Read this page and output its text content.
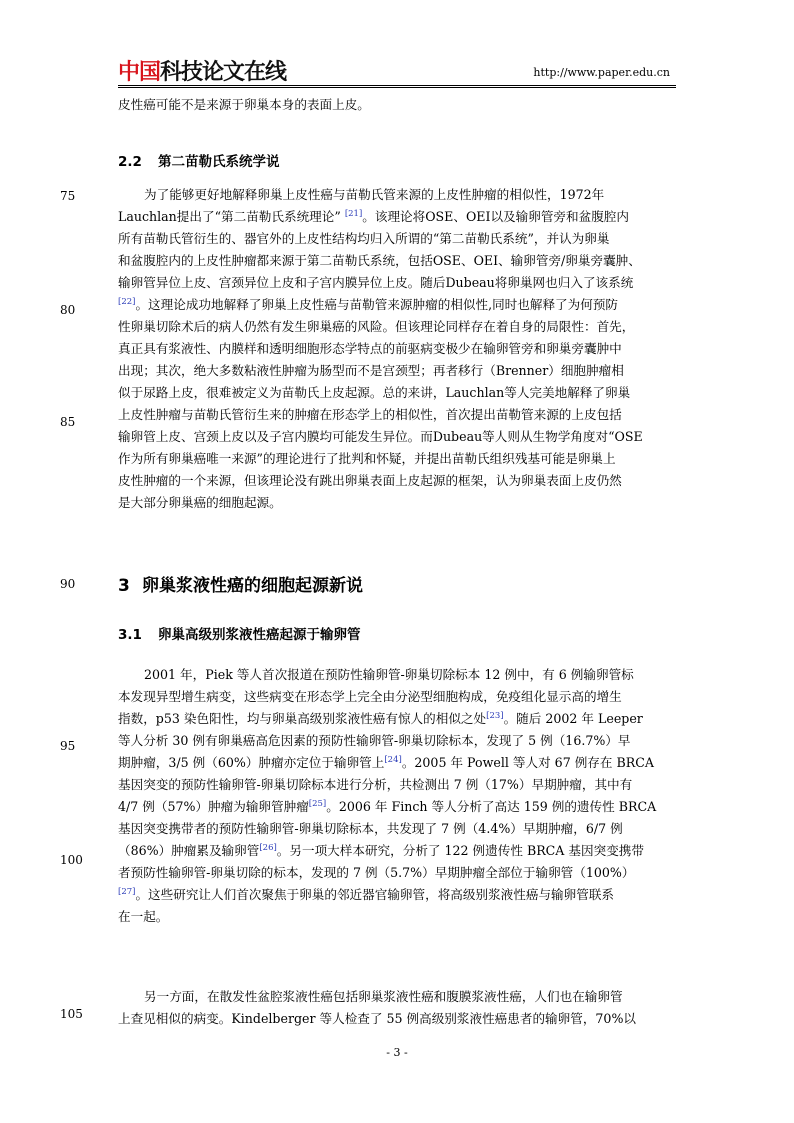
中国科技论文在线	http://www.paper.edu.cn
皮性癌可能不是来源于卵巢本身的表面上皮。
2.2 第二苗勒氏系统学说
为了能够更好地解释卵巢上皮性癌与苗勒氏管来源的上皮性肿瘤的相似性，1972年
Lauchlan提出了“第二苗勒氏系统理论” [21]。该理论将OSE、OEI以及输卵管旁和盆腹腔内
所有苗勒氏管衍生的、器官外的上皮性结构均归入所谓的“第二苗勒氏系统”，并认为卵巢
和盆腹腔内的上皮性肿瘤都来源于第二苗勒氏系统，包括OSE、OEI、输卵管旁/卵巢旁囊肿、
输卵管异位上皮、宫颈异位上皮和子宫内膜异位上皮。随后Dubeau将卵巢网也归入了该系统
[22]。这理论成功地解释了卵巢上皮性癌与苗勒管来源肿瘤的相似性,同时也解释了为何预防
性卵巢切除术后的病人仍然有发生卵巢癌的风险。但该理论同样存在着自身的局限性：首先，
真正具有浆液性、内膜样和透明细胞形态学特点的前驱病变极少在输卵管旁和卵巢旁囊肿中
出现；其次，绝大多数粘液性肿瘤为肠型而不是宫颈型；再者移行（Brenner）细胞肿瘤相
似于尿路上皮，很难被定义为苗勒氏上皮起源。总的来讲，Lauchlan等人完美地解释了卵巢
上皮性肿瘤与苗勒氏管衍生来的肿瘤在形态学上的相似性，首次提出苗勒管来源的上皮包括
输卵管上皮、宫颈上皮以及子宫内膜均可能发生异位。而Dubeau等人则从生物学角度对“OSE
作为所有卵巢癌唯一来源”的理论进行了批判和怀疑，并提出苗勒氏组织残基可能是卵巢上
皮性肿瘤的一个来源，但该理论没有跳出卵巢表面上皮起源的框架，认为卵巢表面上皮仍然
是大部分卵巢癌的细胞起源。
3 卵巢浆液性癌的细胞起源新说
3.1 卵巢高级别浆液性癌起源于输卵管
2001 年，Piek 等人首次报道在预防性输卵管-卵巢切除标本 12 例中，有 6 例输卵管标
本发现异型增生病变，这些病变在形态学上完全由分泌型细胞构成，免疫组化显示高的增生
指数，p53 染色阳性，均与卵巢高级别浆液性癌有惊人的相似之处[23]。随后 2002 年 Leeper
等人分析 30 例有卵巢癌高危因素的预防性输卵管-卵巢切除标本，发现了 5 例（16.7%）早
期肿瘤，3/5 例（60%）肿瘤亦定位于输卵管上[24]。2005 年 Powell 等人对 67 例存在 BRCA
基因突变的预防性输卵管-卵巢切除标本进行分析，共检测出 7 例（17%）早期肿瘤，其中有
4/7 例（57%）肿瘤为输卵管肿瘤[25]。2006 年 Finch 等人分析了高达 159 例的遗传性 BRCA
基因突变携带者的预防性输卵管-卵巢切除标本，共发现了 7 例（4.4%）早期肿瘤，6/7 例
（86%）肿瘤累及输卵管[26]。另一项大样本研究，分析了 122 例遗传性 BRCA 基因突变携带
者预防性输卵管-卵巢切除的标本，发现的 7 例（5.7%）早期肿瘤全部位于输卵管（100%）
[27]。这些研究让人们首次聚焦于卵巢的邻近器官输卵管，将高级别浆液性癌与输卵管联系
在一起。
另一方面，在散发性盆腔浆液性癌包括卵巢浆液性癌和腹膜浆液性癌，人们也在输卵管
上查见相似的病变。Kindelberger 等人检查了 55 例高级别浆液性癌患者的输卵管，70%以
75
80
85
90
95
100
105
- 3 -
